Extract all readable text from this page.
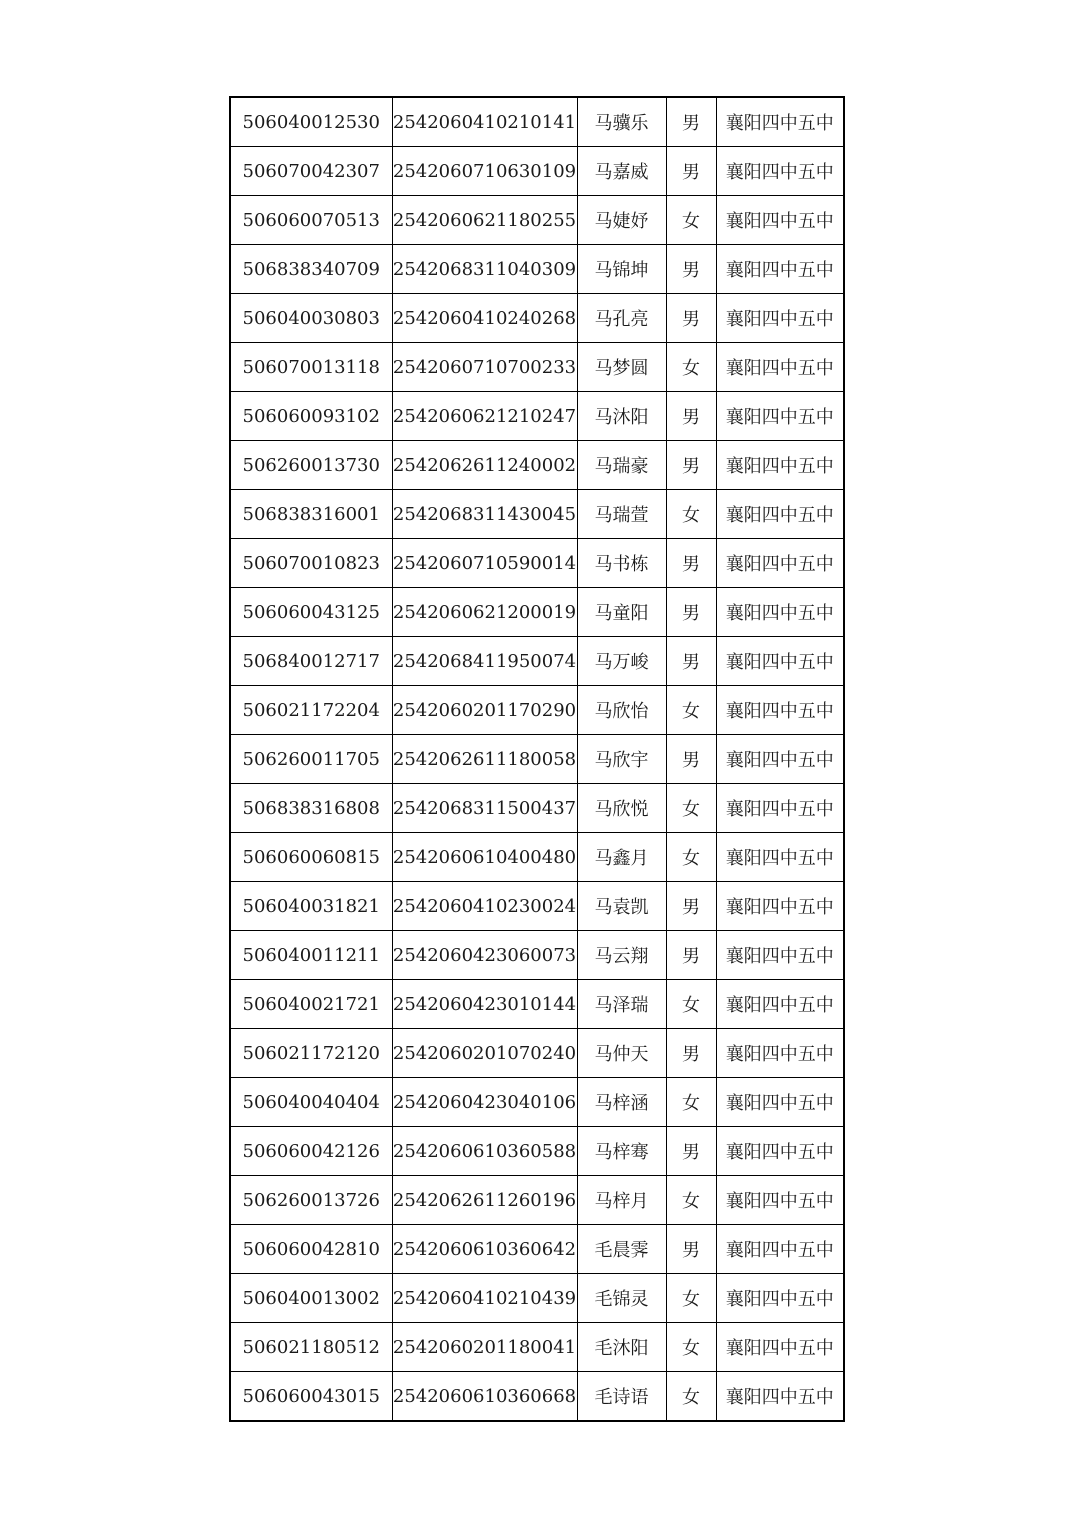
506040012530	2542060410210141	马骥乐	男	襄阳四中五中
506070042307	2542060710630109	马嘉威	男	襄阳四中五中
506060070513	2542060621180255	马婕妤	女	襄阳四中五中
506838340709	2542068311040309	马锦坤	男	襄阳四中五中
506040030803	2542060410240268	马孔亮	男	襄阳四中五中
506070013118	2542060710700233	马梦圆	女	襄阳四中五中
506060093102	2542060621210247	马沐阳	男	襄阳四中五中
506260013730	2542062611240002	马瑞豪	男	襄阳四中五中
506838316001	2542068311430045	马瑞萱	女	襄阳四中五中
506070010823	2542060710590014	马书栋	男	襄阳四中五中
506060043125	2542060621200019	马童阳	男	襄阳四中五中
506840012717	2542068411950074	马万峻	男	襄阳四中五中
506021172204	2542060201170290	马欣怡	女	襄阳四中五中
506260011705	2542062611180058	马欣宇	男	襄阳四中五中
506838316808	2542068311500437	马欣悦	女	襄阳四中五中
506060060815	2542060610400480	马鑫月	女	襄阳四中五中
506040031821	2542060410230024	马袁凯	男	襄阳四中五中
506040011211	2542060423060073	马云翔	男	襄阳四中五中
506040021721	2542060423010144	马泽瑞	女	襄阳四中五中
506021172120	2542060201070240	马仲天	男	襄阳四中五中
506040040404	2542060423040106	马梓涵	女	襄阳四中五中
506060042126	2542060610360588	马梓骞	男	襄阳四中五中
506260013726	2542062611260196	马梓月	女	襄阳四中五中
506060042810	2542060610360642	毛晨霁	男	襄阳四中五中
506040013002	2542060410210439	毛锦灵	女	襄阳四中五中
506021180512	2542060201180041	毛沐阳	女	襄阳四中五中
506060043015	2542060610360668	毛诗语	女	襄阳四中五中
